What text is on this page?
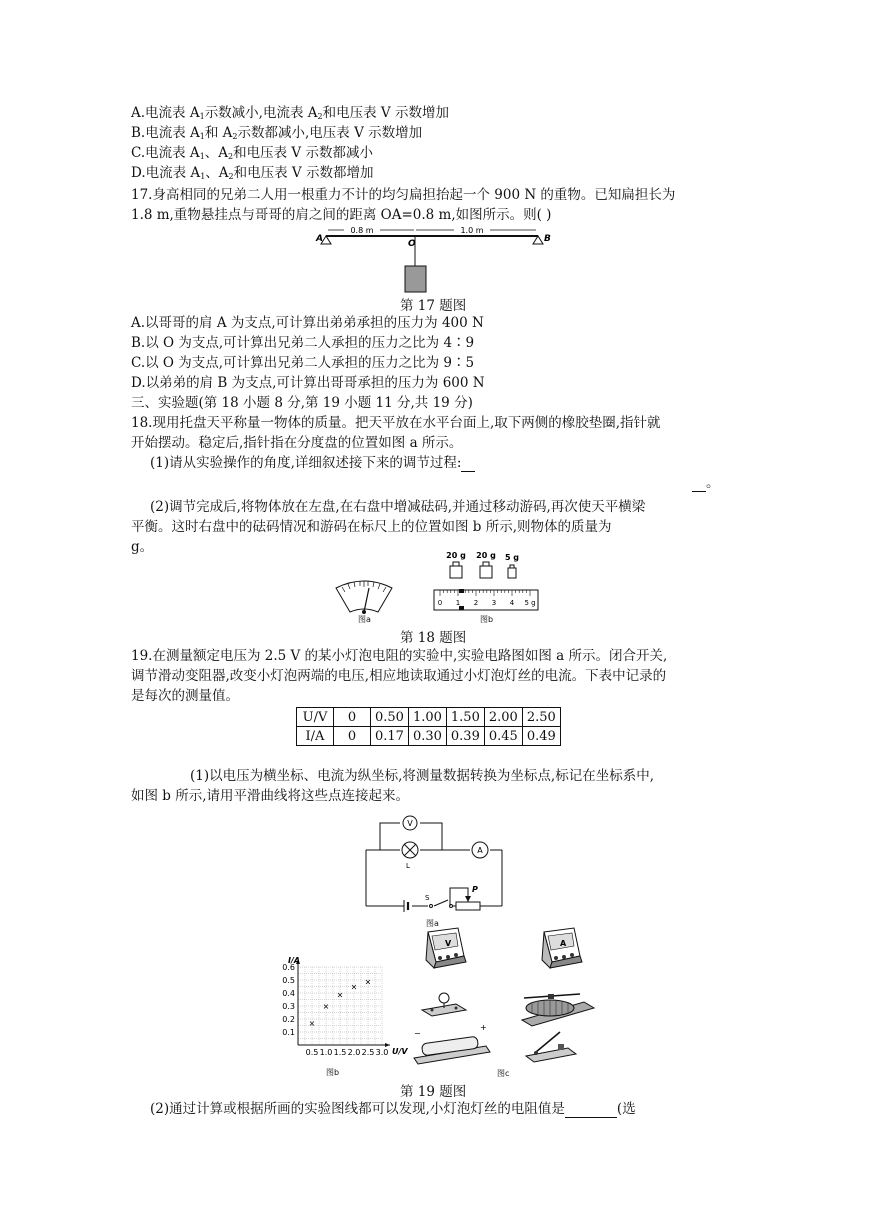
A.电流表 $A_1$示数减小,电流表 $A_2$和电压表 V 示数增加
B.电流表 $A_1$和 $A_2$示数都减小,电压表 V 示数增加
C.电流表 $A_1$、$A_2$和电压表 V 示数都减小
D.电流表 $A_1$、$A_2$和电压表 V 示数都增加
17.身高相同的兄弟二人用一根重力不计的均匀扁担抬起一个 900 N 的重物。已知扁担长为
1.8 m,重物悬挂点与哥哥的肩之间的距离 OA=0.8 m,如图所示。则( )
0.8 m	1.0 m
A	B
O
第 17 题图
A.以哥哥的肩 A 为支点,可计算出弟弟承担的压力为 400 N
B.以 O 为支点,可计算出兄弟二人承担的压力之比为 4∶9
C.以 O 为支点,可计算出兄弟二人承担的压力之比为 9∶5
D.以弟弟的肩 B 为支点,可计算出哥哥承担的压力为 600 N
三、实验题(第 18 小题 8 分,第 19 小题 11 分,共 19 分)
18.现用托盘天平称量一物体的质量。把天平放在水平台面上,取下两侧的橡胶垫圈,指针就
开始摆动。稳定后,指针指在分度盘的位置如图 a 所示。
(1)请从实验操作的角度,详细叙述接下来的调节过程:
。
(2)调节完成后,将物体放在左盘,在右盘中增减砝码,并通过移动游码,再次使天平横梁
平衡。这时右盘中的砝码情况和游码在标尺上的位置如图 b 所示,则物体的质量为
g。
图a
20 g 20 g 5 g
0 1 2 3 4 5 g
图b
第 18 题图
19.在测量额定电压为 2.5 V 的某小灯泡电阻的实验中,实验电路图如图 a 所示。闭合开关,
调节滑动变阻器,改变小灯泡两端的电压,相应地读取通过小灯泡灯丝的电流。下表中记录的
是每次的测量值。
U/V	0	0.50	1.00	1.50	2.00	2.50
I/A	0	0.17	0.30	0.39	0.45	0.49
(1)以电压为横坐标、电流为纵坐标,将测量数据转换为坐标点,标记在坐标系中,
如图 b 所示,请用平滑曲线将这些点连接起来。
V
A
L
S
P
图a
0.6
0.5
0.4
0.3
0.2
0.1
0.5 1.0 1.5 2.0 2.5 3.0
×
×
×
×
×
I/A
U/V
图b
V	A
−
+
图c
第 19 题图
(2)通过计算或根据所画的实验图线都可以发现,小灯泡灯丝的电阻值是	(选
